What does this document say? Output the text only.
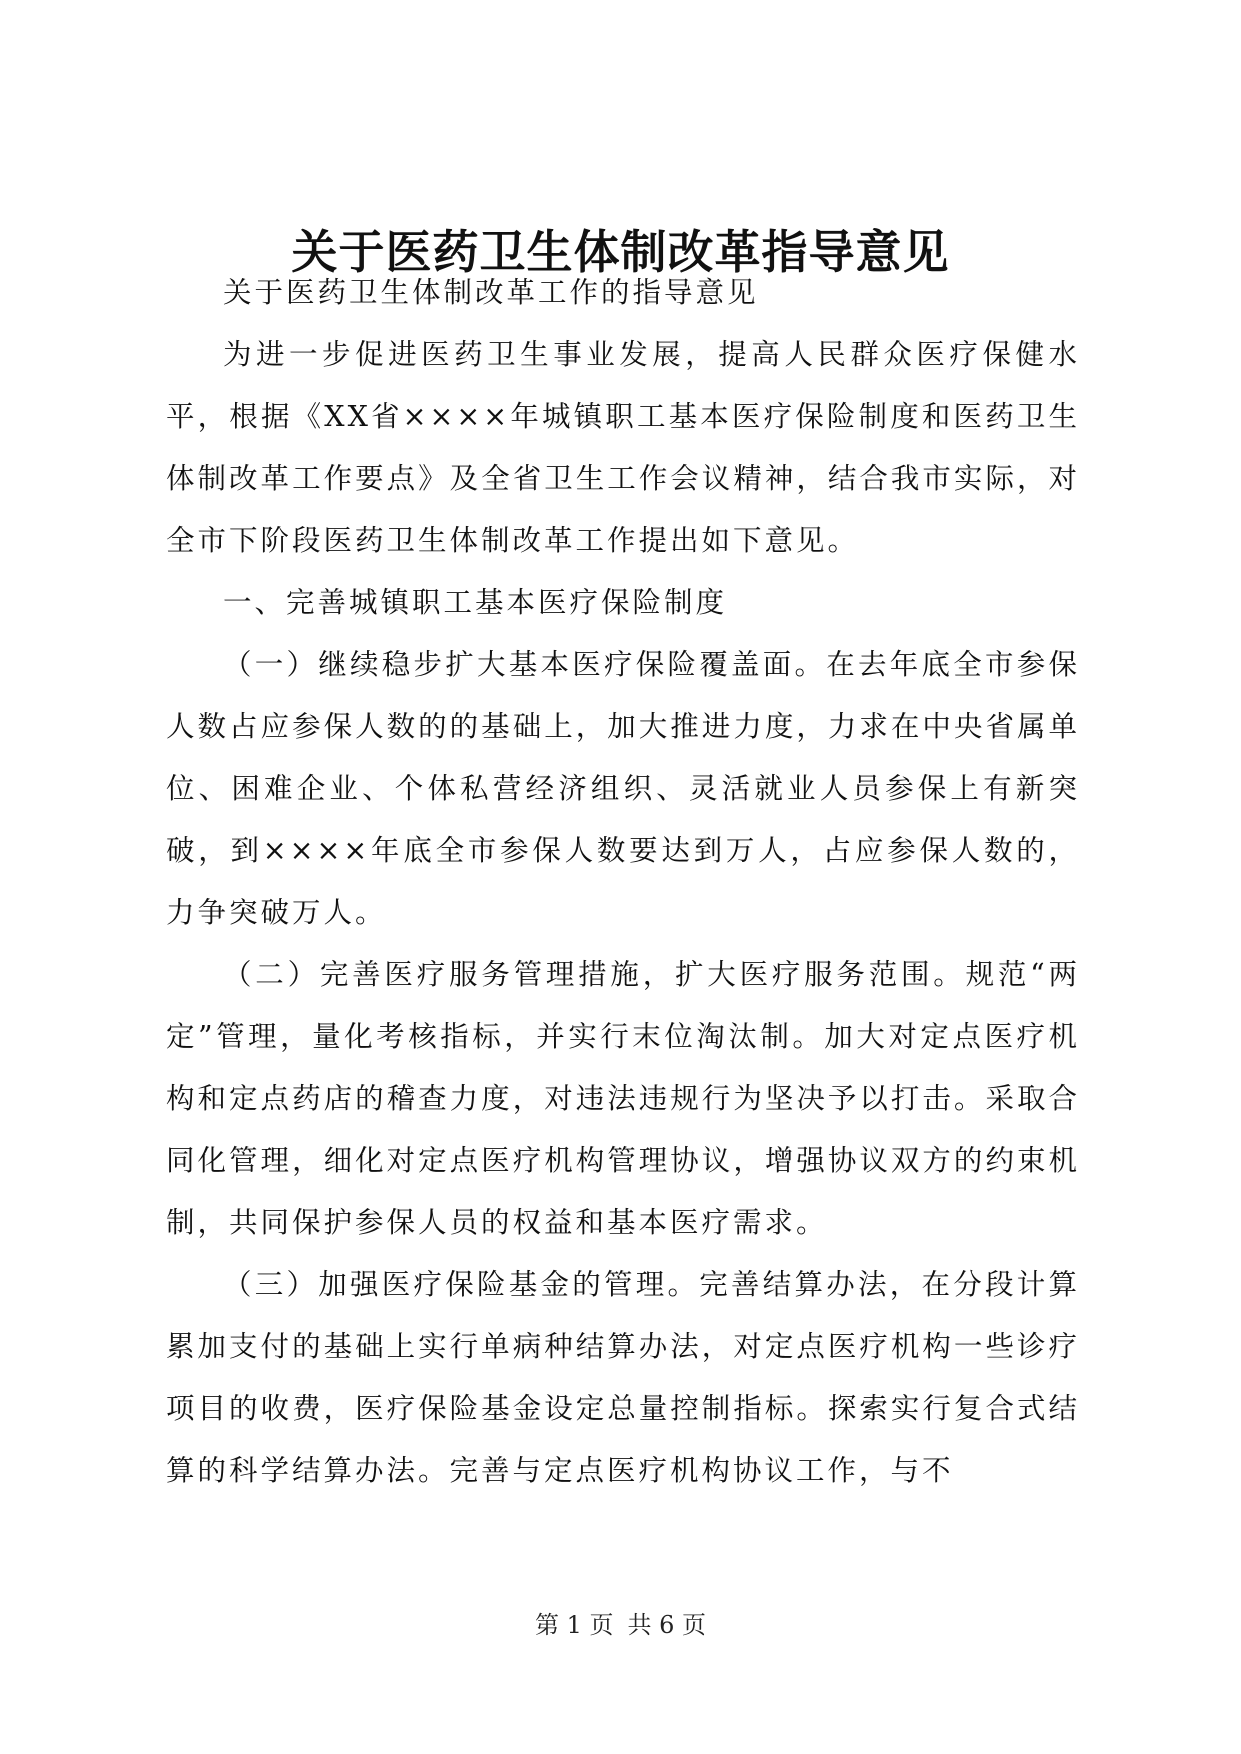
关于医药卫生体制改革指导意见

关于医药卫生体制改革工作的指导意见

为进一步促进医药卫生事业发展，提高人民群众医疗保健水平，根据《XX省××××年城镇职工基本医疗保险制度和医药卫生体制改革工作要点》及全省卫生工作会议精神，结合我市实际，对全市下阶段医药卫生体制改革工作提出如下意见。

一、完善城镇职工基本医疗保险制度

（一）继续稳步扩大基本医疗保险覆盖面。在去年底全市参保人数占应参保人数的的基础上，加大推进力度，力求在中央省属单位、困难企业、个体私营经济组织、灵活就业人员参保上有新突破，到××××年底全市参保人数要达到万人，占应参保人数的，力争突破万人。

（二）完善医疗服务管理措施，扩大医疗服务范围。规范“两定”管理，量化考核指标，并实行末位淘汰制。加大对定点医疗机构和定点药店的稽查力度，对违法违规行为坚决予以打击。采取合同化管理，细化对定点医疗机构管理协议，增强协议双方的约束机制，共同保护参保人员的权益和基本医疗需求。

（三）加强医疗保险基金的管理。完善结算办法，在分段计算累加支付的基础上实行单病种结算办法，对定点医疗机构一些诊疗项目的收费，医疗保险基金设定总量控制指标。探索实行复合式结算的科学结算办法。完善与定点医疗机构协议工作，与不

第 1 页 共 6 页
